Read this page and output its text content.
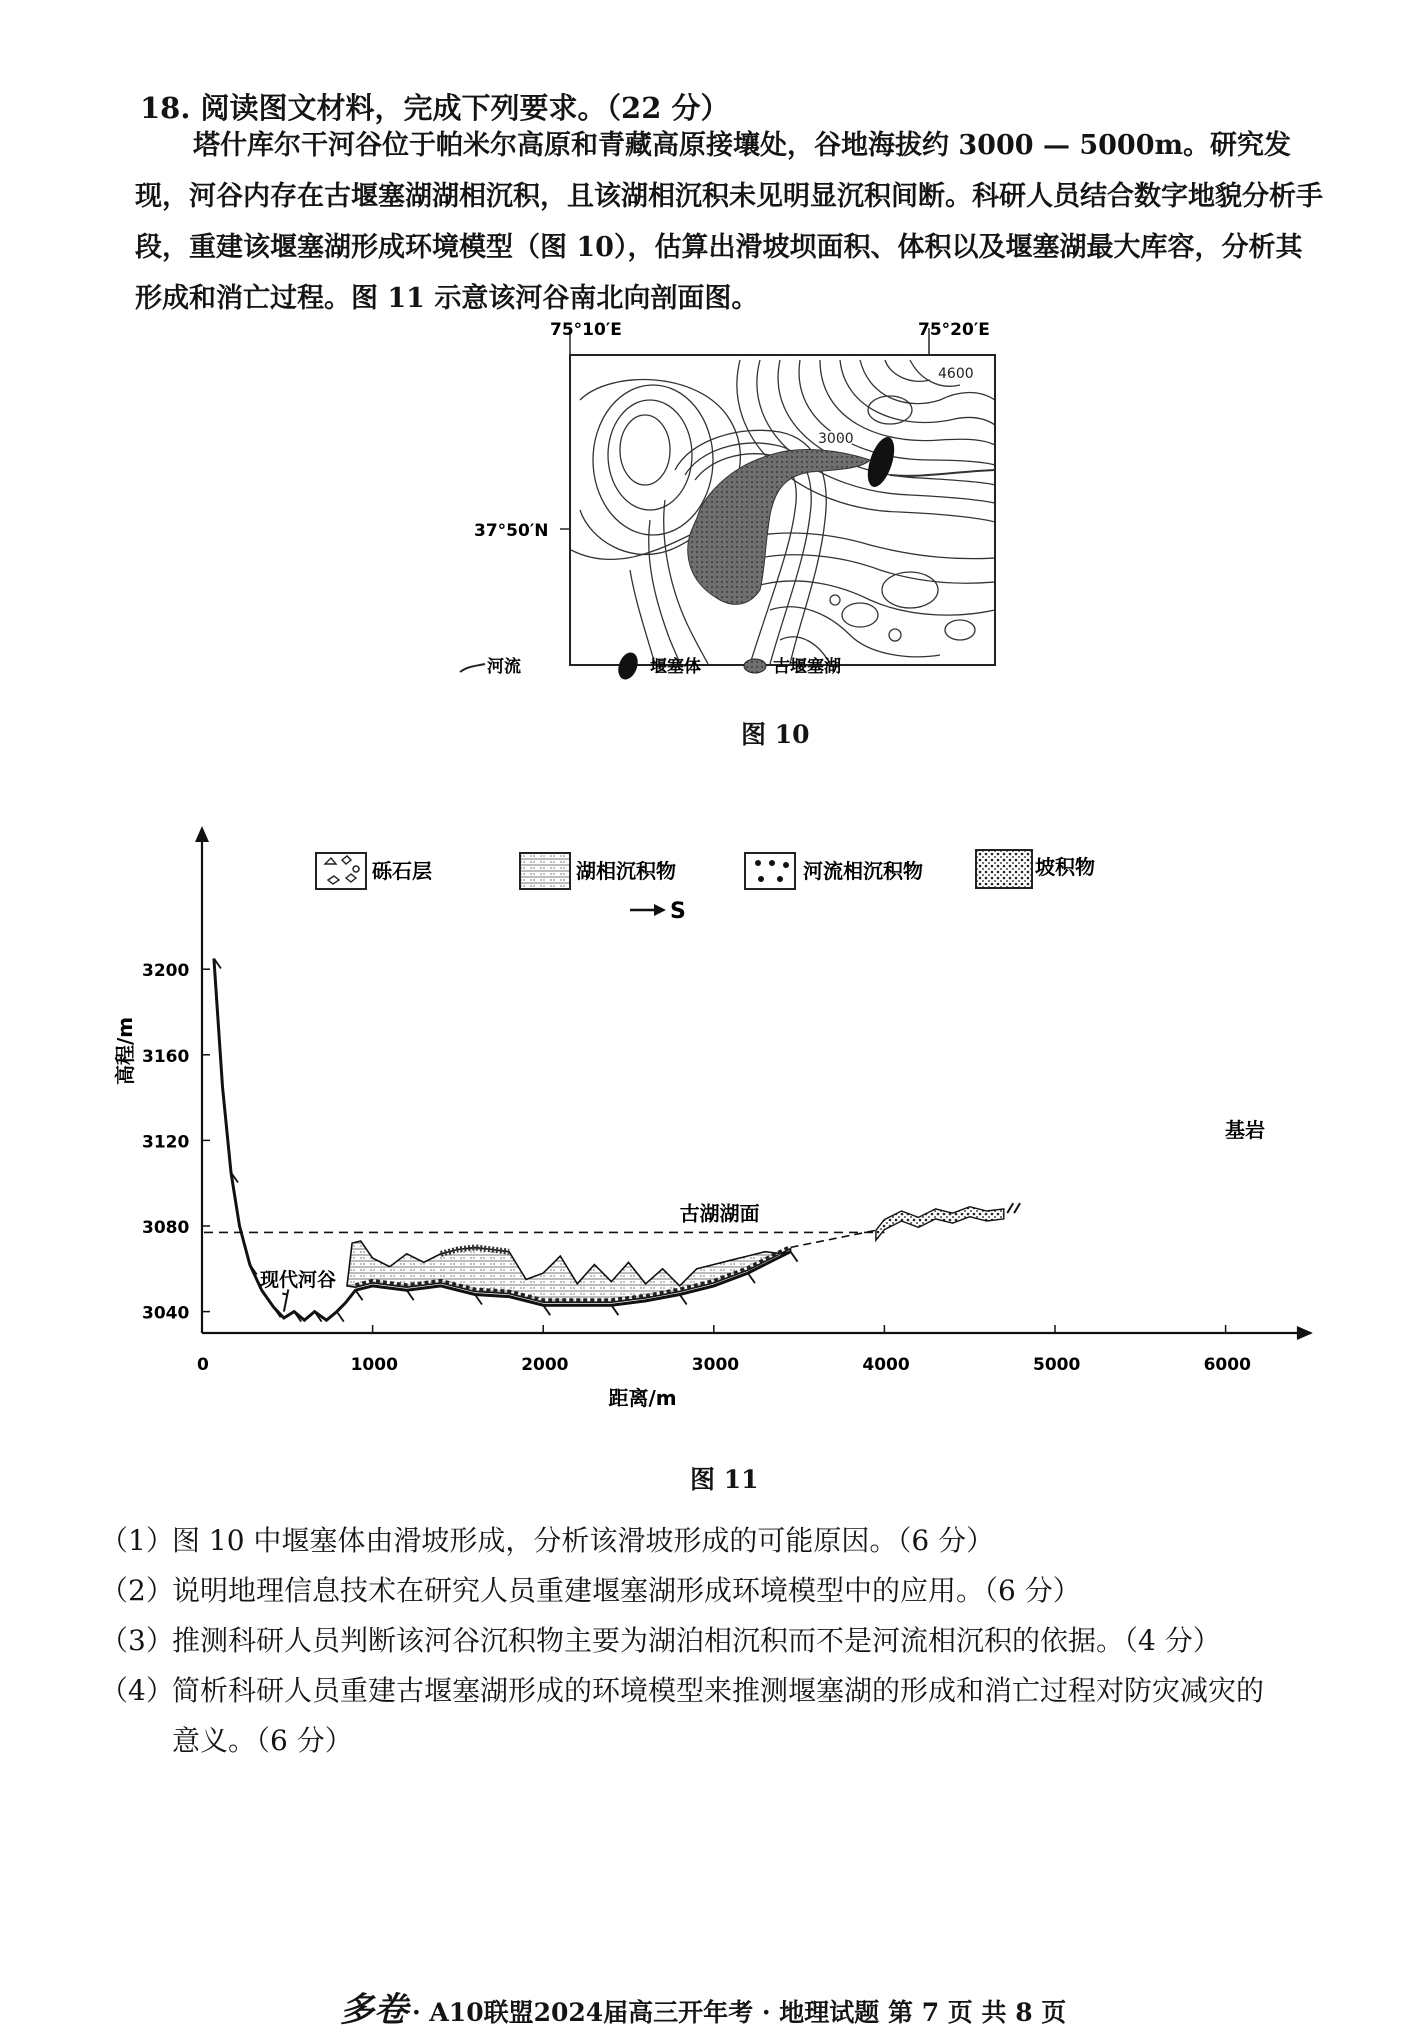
18. 阅读图文材料，完成下列要求。（22 分）
塔什库尔干河谷位于帕米尔高原和青藏高原接壤处，谷地海拔约 3000 — 5000m。研究发现，河谷内存在古堰塞湖湖相沉积，且该湖相沉积未见明显沉积间断。科研人员结合数字地貌分析手段，重建该堰塞湖形成环境模型（图 10），估算出滑坡坝面积、体积以及堰塞湖最大库容，分析其形成和消亡过程。图 11 示意该河谷南北向剖面图。
75°10′E	75°20′E
37°50′N
3000
4600
河流	堰塞体	古堰塞湖
图 10
3040
3080
3120
3160
3200
0	1000	2000	3000	4000	5000	6000
砾石层	湖相沉积物	河流相沉积物	坡积物
S
古湖湖面
基岩
现代河谷
高程/m
距离/m
图 11
（1）图 10 中堰塞体由滑坡形成，分析该滑坡形成的可能原因。（6 分）
（2）说明地理信息技术在研究人员重建堰塞湖形成环境模型中的应用。（6 分）
（3）推测科研人员判断该河谷沉积物主要为湖泊相沉积而不是河流相沉积的依据。（4 分）
（4）简析科研人员重建古堰塞湖形成的环境模型来推测堰塞湖的形成和消亡过程对防灾减灾的
意义。（6 分）
多卷 · A10联盟2024届高三开年考 · 地理试题 第 7 页 共 8 页
